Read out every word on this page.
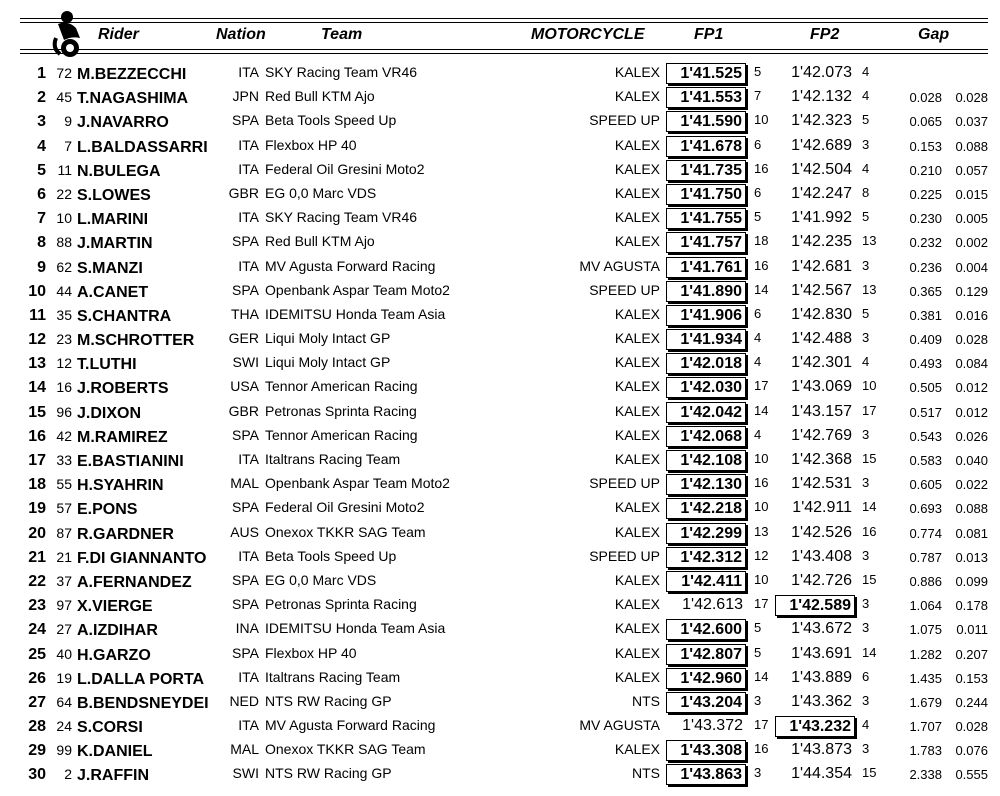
Rider	Nation	Team	MOTORCYCLE	FP1	FP2	Gap
1 72 M.BEZZECCHI	ITA SKY Racing Team VR46	KALEX	1'41.525 5	1'42.073 4
2 45 T.NAGASHIMA	JPN Red Bull KTM Ajo	KALEX	1'41.553 7	1'42.132 4	0.028	0.028
3	9 J.NAVARRO	SPA Beta Tools Speed Up	SPEED UP	1'41.590 10	1'42.323 5	0.065	0.037
4	7 L.BALDASSARRI	ITA Flexbox HP 40	KALEX	1'41.678 6	1'42.689 3	0.153	0.088
5 11 N.BULEGA	ITA Federal Oil Gresini Moto2	KALEX	1'41.735 16	1'42.504 4	0.210	0.057
6 22 S.LOWES	GBR EG 0,0 Marc VDS	KALEX	1'41.750 6	1'42.247 8	0.225	0.015
7 10 L.MARINI	ITA SKY Racing Team VR46	KALEX	1'41.755 5	1'41.992 5	0.230	0.005
8 88 J.MARTIN	SPA Red Bull KTM Ajo	KALEX	1'41.757 18	1'42.235 13	0.232	0.002
9 62 S.MANZI	ITA MV Agusta Forward Racing	MV AGUSTA	1'41.761 16	1'42.681 3	0.236	0.004
10 44 A.CANET	SPA Openbank Aspar Team Moto2	SPEED UP	1'41.890 14	1'42.567 13	0.365	0.129
11 35 S.CHANTRA	THA IDEMITSU Honda Team Asia	KALEX	1'41.906 6	1'42.830 5	0.381	0.016
12 23 M.SCHROTTER	GER Liqui Moly Intact GP	KALEX	1'41.934 4	1'42.488 3	0.409	0.028
13 12 T.LUTHI	SWI Liqui Moly Intact GP	KALEX	1'42.018 4	1'42.301 4	0.493	0.084
14 16 J.ROBERTS	USA Tennor American Racing	KALEX	1'42.030 17	1'43.069 10	0.505	0.012
15 96 J.DIXON	GBR Petronas Sprinta Racing	KALEX	1'42.042 14	1'43.157 17	0.517	0.012
16 42 M.RAMIREZ	SPA Tennor American Racing	KALEX	1'42.068 4	1'42.769 3	0.543	0.026
17 33 E.BASTIANINI	ITA Italtrans Racing Team	KALEX	1'42.108 10	1'42.368 15	0.583	0.040
18 55 H.SYAHRIN	MAL Openbank Aspar Team Moto2	SPEED UP	1'42.130 16	1'42.531 3	0.605	0.022
19 57 E.PONS	SPA Federal Oil Gresini Moto2	KALEX	1'42.218 10	1'42.911 14	0.693	0.088
20 87 R.GARDNER	AUS Onexox TKKR SAG Team	KALEX	1'42.299 13	1'42.526 16	0.774	0.081
21 21 F.DI GIANNANTO	ITA Beta Tools Speed Up	SPEED UP	1'42.312 12	1'43.408 3	0.787	0.013
22 37 A.FERNANDEZ	SPA EG 0,0 Marc VDS	KALEX	1'42.411 10	1'42.726 15	0.886	0.099
23 97 X.VIERGE	SPA Petronas Sprinta Racing	KALEX	1'42.613 17	1'42.589 3	1.064	0.178
24 27 A.IZDIHAR	INA IDEMITSU Honda Team Asia	KALEX	1'42.600 5	1'43.672 3	1.075	0.011
25 40 H.GARZO	SPA Flexbox HP 40	KALEX	1'42.807 5	1'43.691 14	1.282	0.207
26 19 L.DALLA PORTA	ITA Italtrans Racing Team	KALEX	1'42.960 14	1'43.889 6	1.435	0.153
27 64 B.BENDSNEYDEI	NED NTS RW Racing GP	NTS	1'43.204 3	1'43.362 3	1.679	0.244
28 24 S.CORSI	ITA MV Agusta Forward Racing	MV AGUSTA	1'43.372 17	1'43.232 4	1.707	0.028
29 99 K.DANIEL	MAL Onexox TKKR SAG Team	KALEX	1'43.308 16	1'43.873 3	1.783	0.076
30	2 J.RAFFIN	SWI NTS RW Racing GP	NTS	1'43.863 3	1'44.354 15	2.338	0.555
